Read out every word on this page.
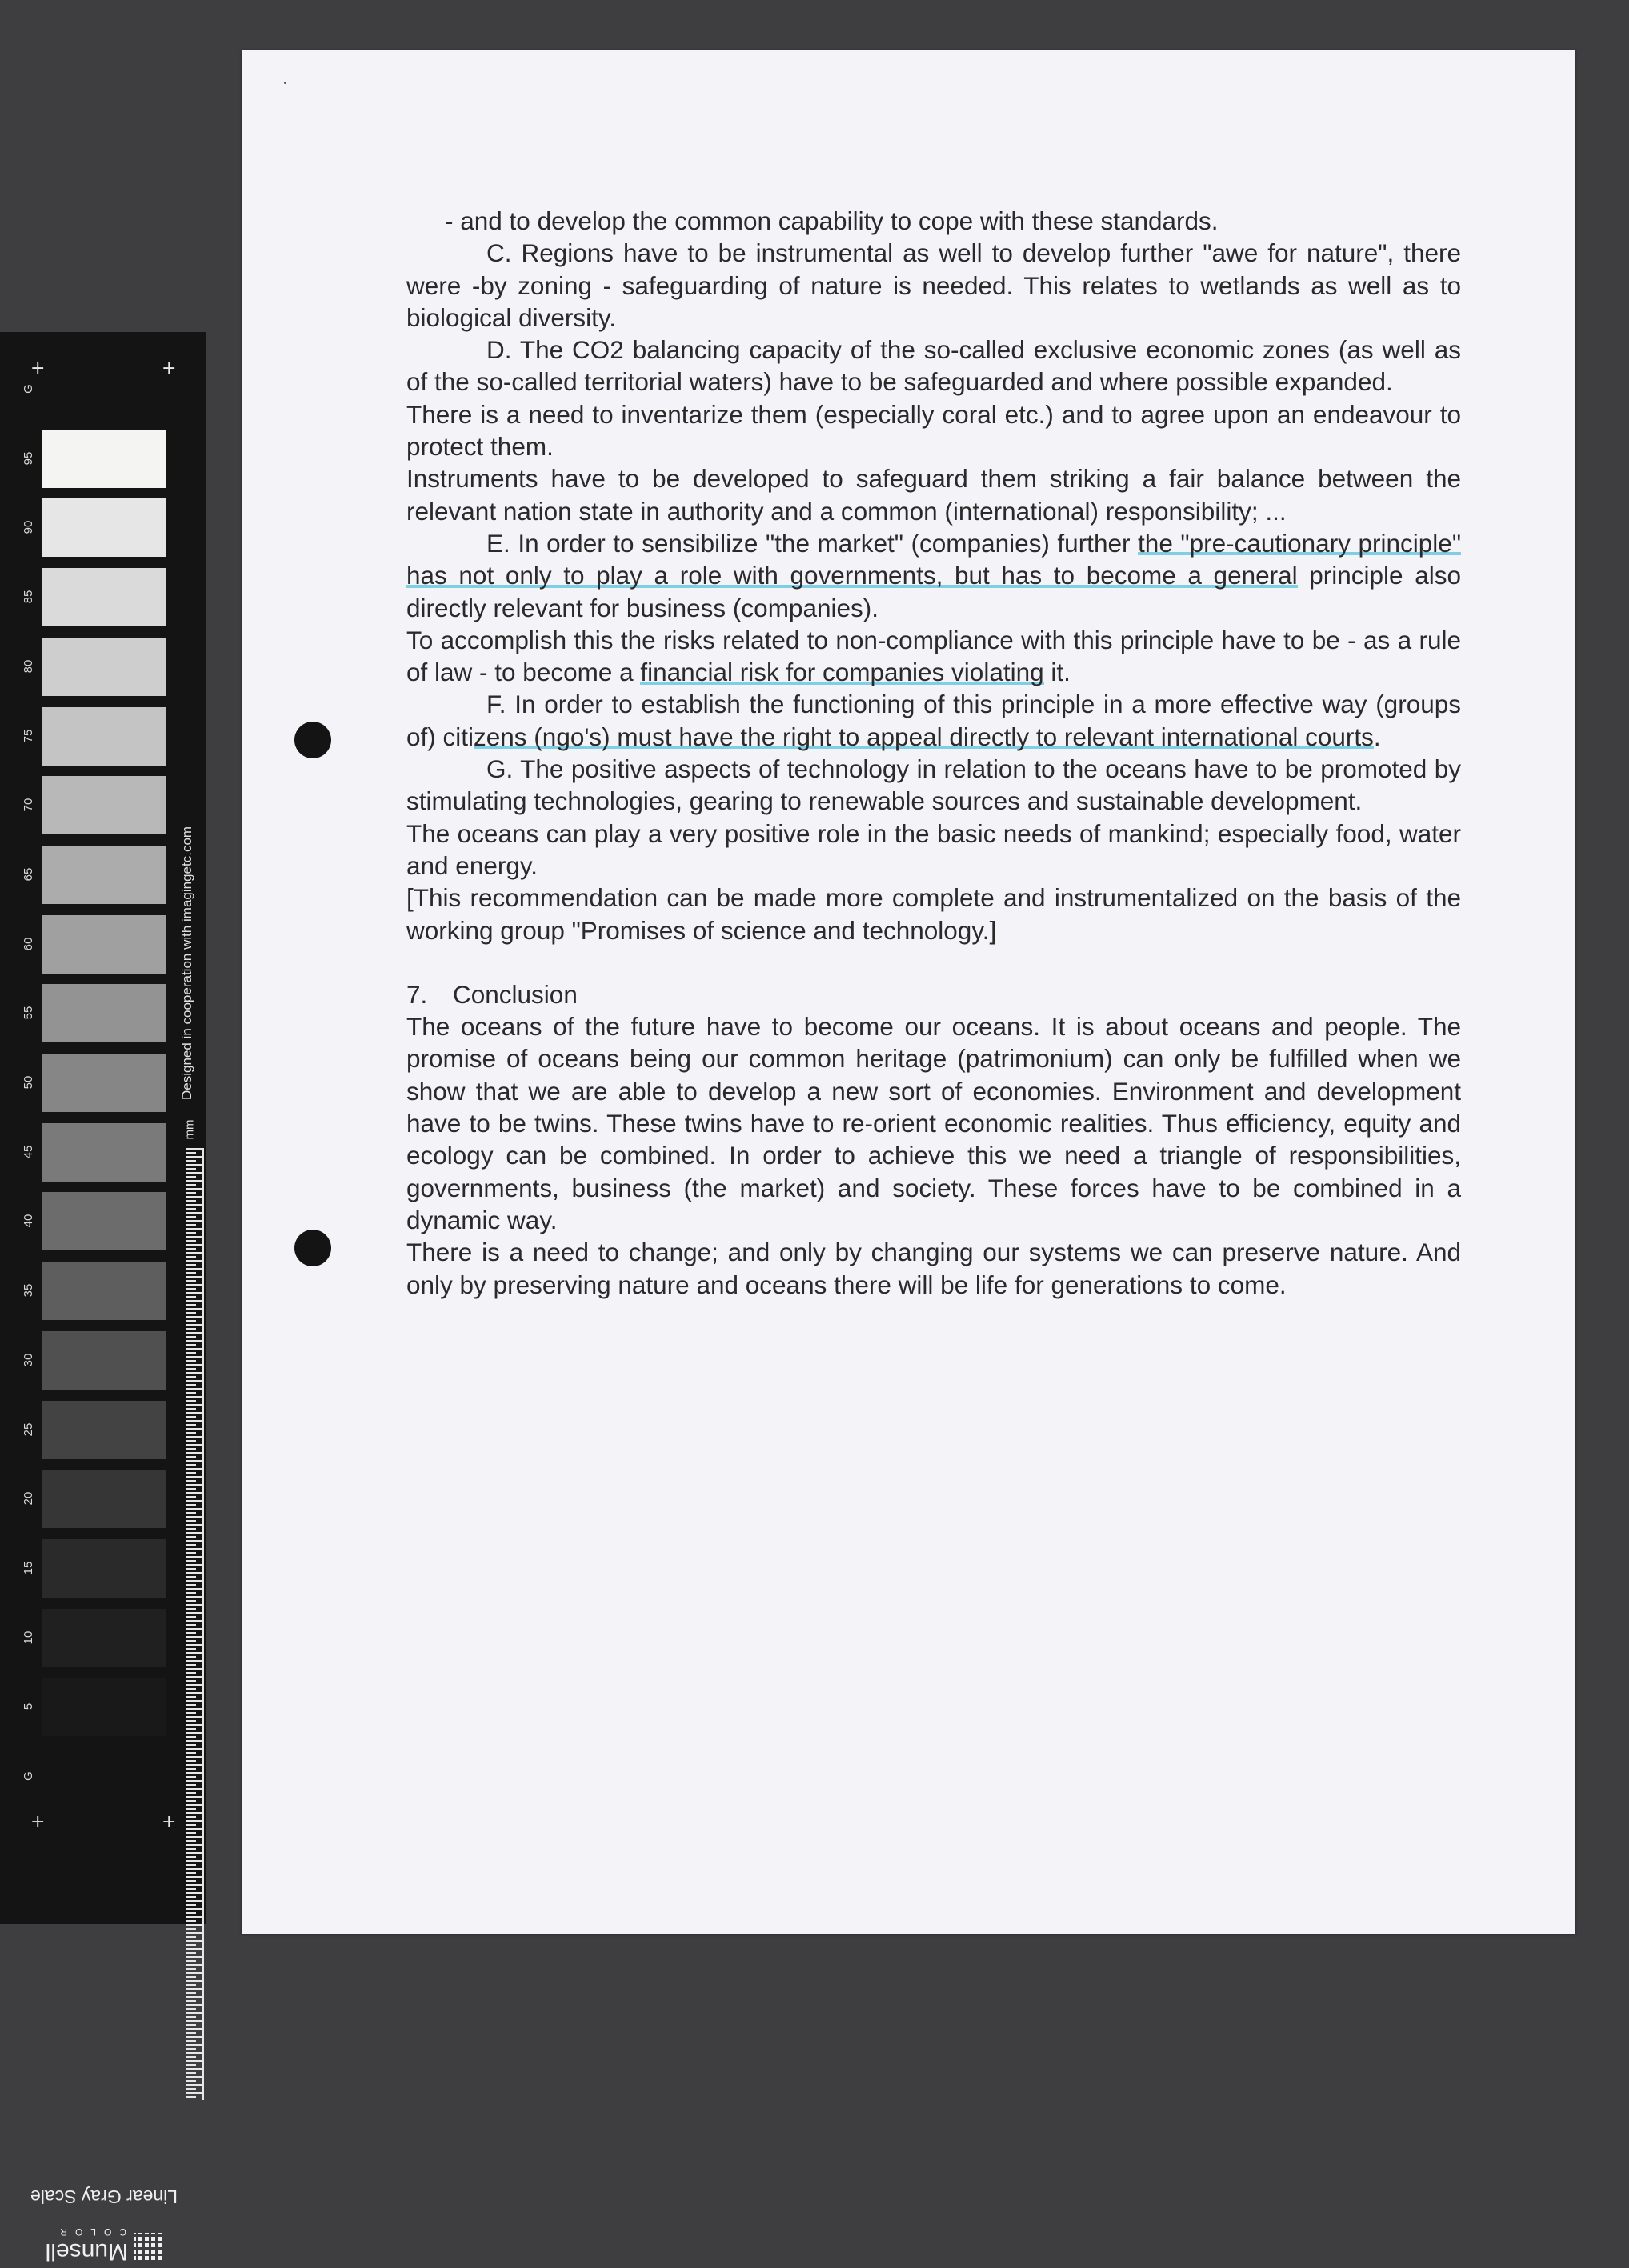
G
95
90
85
80
75
70
65
60
55
50
45
40
35
30
25
20
15
10
5
G
+	+
+	+
Designed in cooperation with imagingetc.com
mm
Linear Gray Scale
Munsell
COLOR

- and to develop the common capability to cope with these standards.

C. Regions have to be instrumental as well to develop further "awe for nature", there were -by zoning - safeguarding of nature is needed. This relates to wetlands as well as to biological diversity.

D. The CO2 balancing capacity of the so-called exclusive economic zones (as well as of the so-called territorial waters) have to be safeguarded and where possible expanded.

There is a need to inventarize them (especially coral etc.) and to agree upon an endeavour to protect them.

Instruments have to be developed to safeguard them striking a fair balance between the relevant nation state in authority and a common (international) responsibility; ...

E. In order to sensibilize "the market" (companies) further the "pre-cautionary principle" has not only to play a role with governments, but has to become a general principle also directly relevant for business (companies).

To accomplish this the risks related to non-compliance with this principle have to be - as a rule of law - to become a financial risk for companies violating it.

F. In order to establish the functioning of this principle in a more effective way (groups of) citizens (ngo's) must have the right to appeal directly to relevant international courts.

G. The positive aspects of technology in relation to the oceans have to be promoted by stimulating technologies, gearing to renewable sources and sustainable development.

The oceans can play a very positive role in the basic needs of mankind; especially food, water and energy.

[This recommendation can be made more complete and instrumentalized on the basis of the working group "Promises of science and technology.]

7. Conclusion

The oceans of the future have to become our oceans. It is about oceans and people. The promise of oceans being our common heritage (patrimonium) can only be fulfilled when we show that we are able to develop a new sort of economies. Environment and development have to be twins. These twins have to re-orient economic realities. Thus efficiency, equity and ecology can be combined. In order to achieve this we need a triangle of responsibilities, governments, business (the market) and society. These forces have to be combined in a dynamic way.

There is a need to change; and only by changing our systems we can preserve nature. And only by preserving nature and oceans there will be life for generations to come.
